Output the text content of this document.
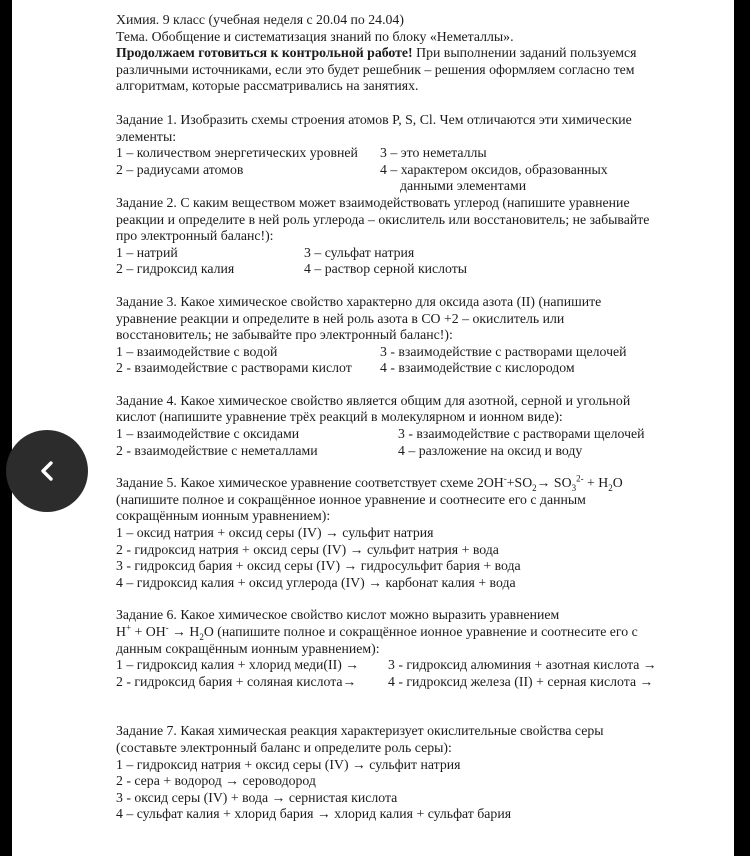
Химия. 9 класс (учебная неделя с 20.04 по 24.04)

Тема. Обобщение и систематизация знаний по блоку «Неметаллы».

Продолжаем готовиться к контрольной работе! При выполнении заданий пользуемся

различными источниками, если это будет решебник – решения оформляем согласно тем

алгоритмам, которые рассматривались на занятиях.

Задание 1. Изобразить схемы строения атомов P, S, Cl. Чем отличаются эти химические

элементы:

1 – количеством энергетических уровней 3 – это неметаллы

2 – радиусами атомов	4 – характером оксидов, образованных

данными элементами

Задание 2. С каким веществом может взаимодействовать углерод (напишите уравнение

реакции и определите в ней роль углерода – окислитель или восстановитель; не забывайте

про электронный баланс!):

1 – натрий	3 – сульфат натрия

2 – гидроксид калия	4 – раствор серной кислоты

Задание 3. Какое химическое свойство характерно для оксида азота (II) (напишите

уравнение реакции и определите в ней роль азота в CO +2 – окислитель или

восстановитель; не забывайте про электронный баланс!):

1 – взаимодействие с водой	3 - взаимодействие с растворами щелочей

2 - взаимодействие с растворами кислот 4 - взаимодействие с кислородом

Задание 4. Какое химическое свойство является общим для азотной, серной и угольной

кислот (напишите уравнение трёх реакций в молекулярном и ионном виде):

1 – взаимодействие с оксидами	3 - взаимодействие с растворами щелочей

2 - взаимодействие с неметаллами	4 – разложение на оксид и воду

Задание 5. Какое химическое уравнение соответствует схеме $2OH^-+SO_2\to SO_3^{2-} + H_2O$

(напишите полное и сокращённое ионное уравнение и соотнесите его с данным

сокращённым ионным уравнением):

1 – оксид натрия + оксид серы (IV) → сульфит натрия

2 - гидроксид натрия + оксид серы (IV) → сульфит натрия + вода

3 - гидроксид бария + оксид серы (IV) → гидросульфит бария + вода

4 – гидроксид калия + оксид углерода (IV) → карбонат калия + вода

Задание 6. Какое химическое свойство кислот можно выразить уравнением

$H^+ + OH^- \to H_2O$ (напишите полное и сокращённое ионное уравнение и соотнесите его с

данным сокращённым ионным уравнением):

1 – гидроксид калия + хлорид меди(II) → 3 - гидроксид алюминия + азотная кислота →

2 - гидроксид бария + соляная кислота→ 4 - гидроксид железа (II) + серная кислота →

Задание 7. Какая химическая реакция характеризует окислительные свойства серы

(составьте электронный баланс и определите роль серы):

1 – гидроксид натрия + оксид серы (IV) → сульфит натрия

2 - сера + водород → сероводород

3 - оксид серы (IV) + вода → сернистая кислота

4 – сульфат калия + хлорид бария → хлорид калия + сульфат бария
